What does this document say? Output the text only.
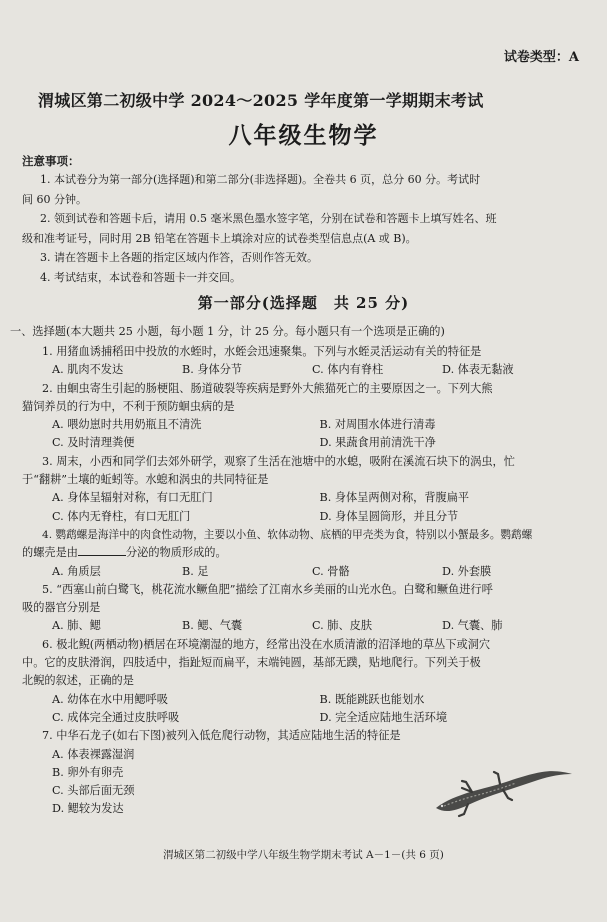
试卷类型：A
渭城区第二初级中学 2024～2025 学年度第一学期期末考试
八年级生物学
注意事项：

1. 本试卷分为第一部分(选择题)和第二部分(非选择题)。全卷共 6 页，总分 60 分。考试时

间 60 分钟。

2. 领到试卷和答题卡后，请用 0.5 毫米黑色墨水签字笔，分别在试卷和答题卡上填写姓名、班

级和准考证号，同时用 2B 铅笔在答题卡上填涂对应的试卷类型信息点(A 或 B)。

3. 请在答题卡上各题的指定区域内作答，否则作答无效。

4. 考试结束，本试卷和答题卡一并交回。

第一部分(选择题　共 25 分)
一、选择题(本大题共 25 小题，每小题 1 分，计 25 分。每小题只有一个选项是正确的)

1. 用猪血诱捕稻田中投放的水蛭时，水蛭会迅速聚集。下列与水蛭灵活运动有关的特征是

A. 肌肉不发达	B. 身体分节	C. 体内有脊柱	D. 体表无黏液

2. 由蛔虫寄生引起的肠梗阻、肠道破裂等疾病是野外大熊猫死亡的主要原因之一。下列大熊

猫饲养员的行为中，不利于预防蛔虫病的是

A. 喂幼崽时共用奶瓶且不清洗	B. 对周围水体进行清毒

C. 及时清理粪便	D. 果蔬食用前清洗干净

3. 周末，小西和同学们去郊外研学，观察了生活在池塘中的水螅，吸附在溪流石块下的涡虫，忙

于“翻耕”土壤的蚯蚓等。水螅和涡虫的共同特征是

A. 身体呈辐射对称，有口无肛门	B. 身体呈两侧对称，背腹扁平

C. 体内无脊柱，有口无肛门	D. 身体呈圆筒形，并且分节

4. 鹦鹉螺是海洋中的肉食性动物，主要以小鱼、软体动物、底栖的甲壳类为食，特别以小蟹最多。鹦鹉螺

的螺壳是由	分泌的物质形成的。

A. 角质层	B. 足	C. 骨骼	D. 外套膜

5. “西塞山前白鹭飞，桃花流水鳜鱼肥”描绘了江南水乡美丽的山光水色。白鹭和鳜鱼进行呼

吸的器官分别是

A. 肺、鳃	B. 鳃、气囊	C. 肺、皮肤	D. 气囊、肺

6. 极北鲵(两栖动物)栖居在环境潮湿的地方，经常出没在水质清澈的沼泽地的草丛下或洞穴

中。它的皮肤滑润，四肢适中，指趾短而扁平，末端钝圆，基部无蹼，贴地爬行。下列关于极

北鲵的叙述，正确的是

A. 幼体在水中用鳃呼吸	B. 既能跳跃也能划水

C. 成体完全通过皮肤呼吸	D. 完全适应陆地生活环境

7. 中华石龙子(如右下图)被列入低危爬行动物，其适应陆地生活的特征是

A. 体表裸露湿润

B. 卵外有卵壳

C. 头部后面无颈

D. 鳃较为发达

渭城区第二初级中学八年级生物学期末考试 A－1－(共 6 页)
